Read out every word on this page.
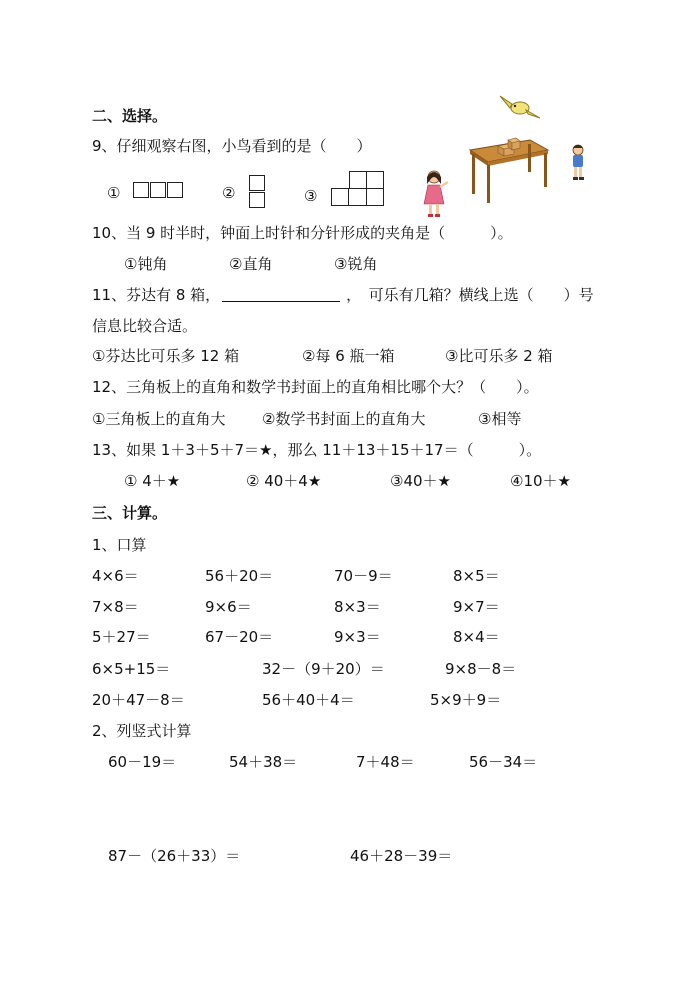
二、选择。
9、仔细观察右图，小鸟看到的是（　　）
①	②	③
10、当 9 时半时，钟面上时针和分针形成的夹角是（　　　）。
①钝角	②直角	③锐角
11、芬达有 8 箱，	，　可乐有几箱？横线上选（　　）号
信息比较合适。
①芬达比可乐多 12 箱	②每 6 瓶一箱	③比可乐多 2 箱
12、三角板上的直角和数学书封面上的直角相比哪个大？（　　）。
①三角板上的直角大 ②数学书封面上的直角大	③相等
13、如果 1＋3＋5＋7＝★，那么 11＋13＋15＋17＝（　　　）。
① 4＋★	② 40＋4★	③40＋★	④10＋★
三、计算。
1、口算
4×6＝	56＋20＝	70－9＝	8×5＝
7×8＝	9×6＝	8×3＝	9×7＝
5＋27＝	67－20＝	9×3＝	8×4＝
6×5+15＝	32－（9＋20）＝	9×8－8＝
20＋47－8＝	56＋40＋4＝	5×9＋9＝
2、列竖式计算
60－19＝	54＋38＝	7＋48＝	56－34＝
87－（26＋33）＝	46＋28－39＝
